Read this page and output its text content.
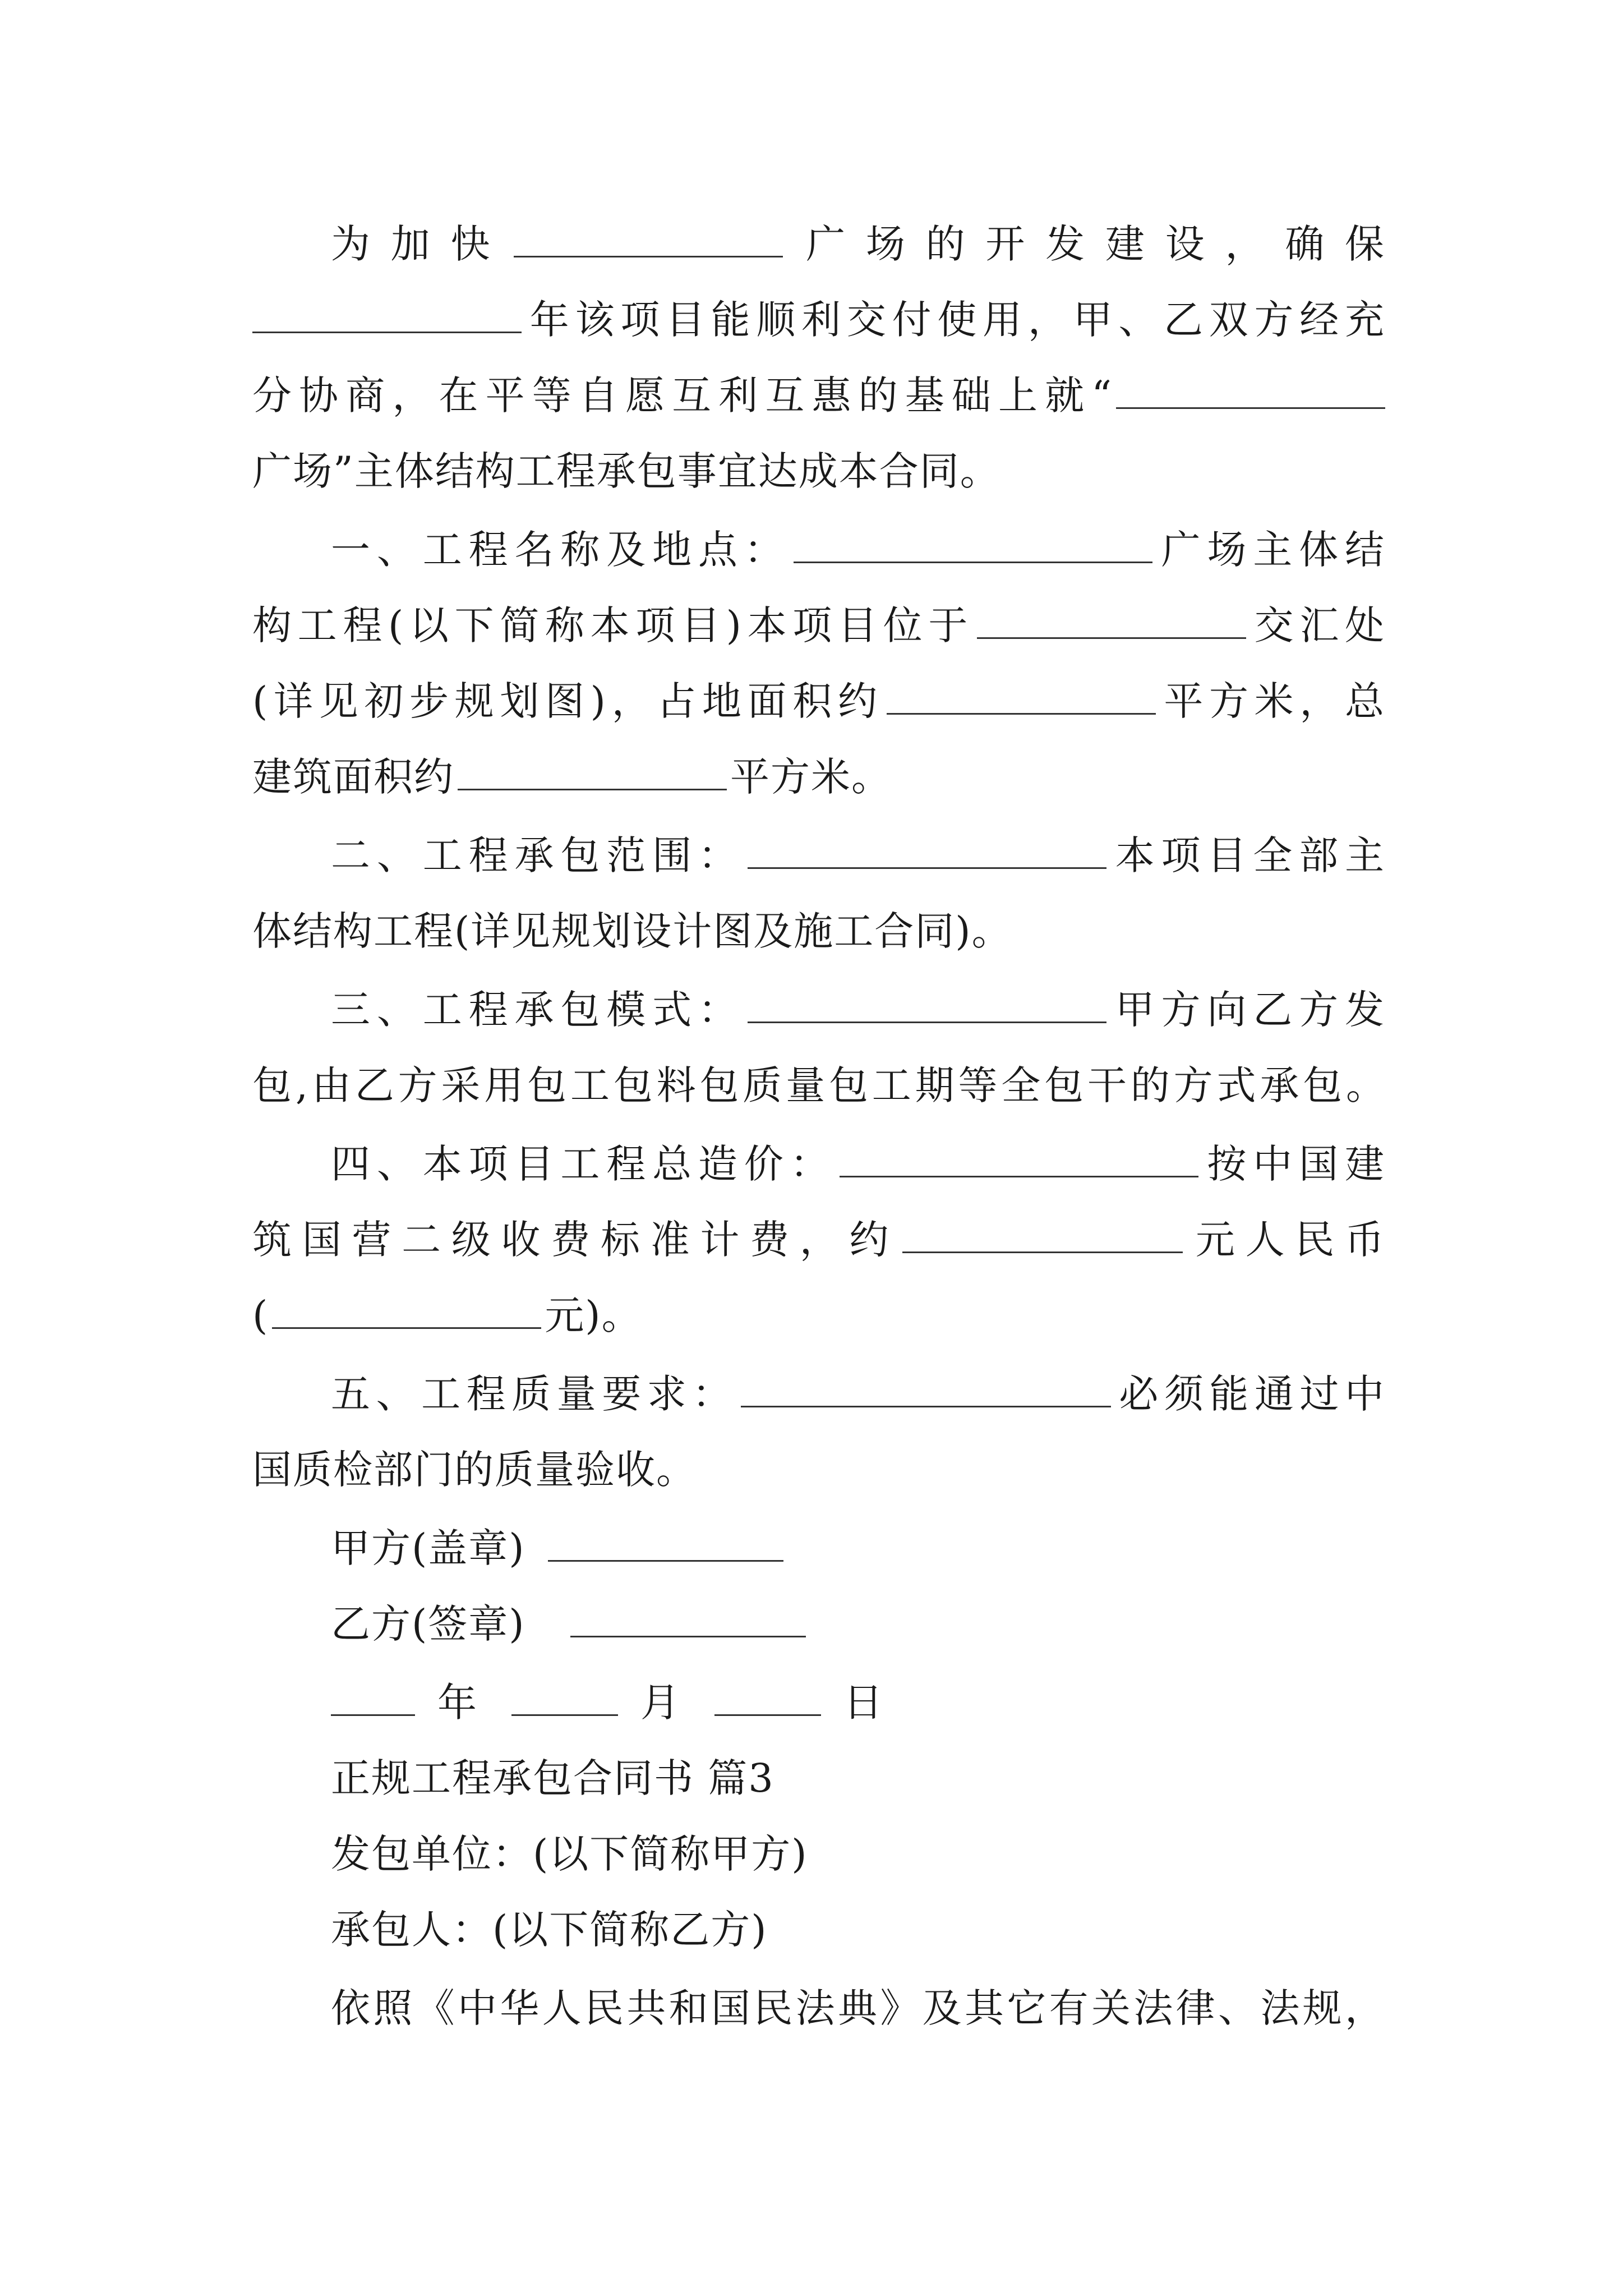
为加快	广场的开发建设，确保
年该项目能顺利交付使用，甲、乙双方经充
分协商，在平等自愿互利互惠的基础上就“
广场”主体结构工程承包事宜达成本合同。
一、工程名称及地点：	广场主体结
构工程(以下简称本项目)本项目位于	交汇处
(详见初步规划图)，占地面积约	平方米，总
建筑面积约	平方米。
二、工程承包范围：	本项目全部主
体结构工程(详见规划设计图及施工合同)。
三、工程承包模式：	甲方向乙方发
包,由乙方采用包工包料包质量包工期等全包干的方式承包。
四、本项目工程总造价：	按中国建
筑国营二级收费标准计费，约	元人民币
(	元)。
五、工程质量要求：	必须能通过中
国质检部门的质量验收。
甲方(盖章)
乙方(签章)
年	月	日
正规工程承包合同书 篇3
发包单位：(以下简称甲方)
承包人：(以下简称乙方)
依照《中华人民共和国民法典》及其它有关法律、法规，
